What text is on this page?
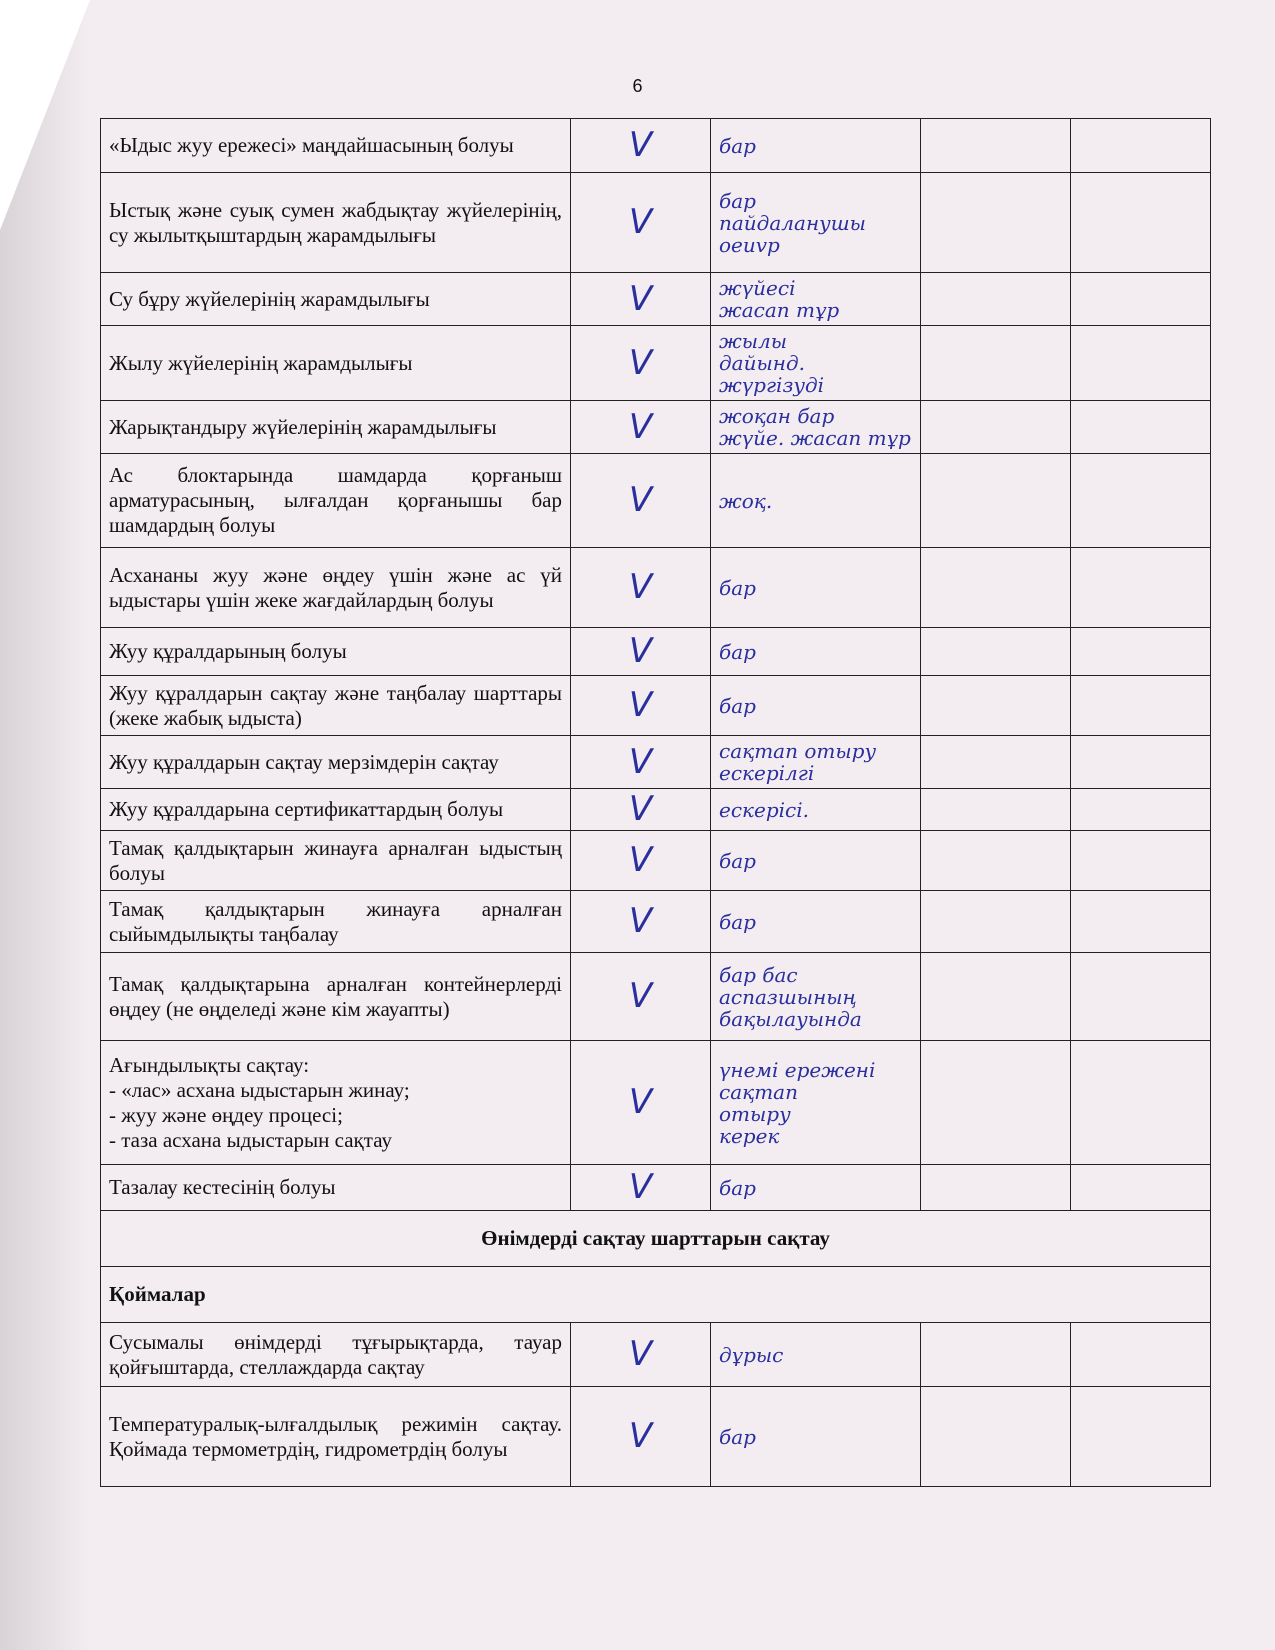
6
«Ыдыс жуу ережесі» маңдайшасының болуы	V	бар		

Ыстық және суық сумен жабдықтау жүйелерінің, су жылытқыштардың жарамдылығы	V	бар
пайдаланушы
оеиvр		

Су бұру жүйелерінің жарамдылығы	V	жүйесі
жасап тұр		

Жылу жүйелерінің жарамдылығы	V	жылы
дайынд. жүргізуді		

Жарықтандыру жүйелерінің жарамдылығы	V	жоқан бар
жүйе. жасап тұр		

Ас блоктарында шамдарда қорғаныш арматурасының, ылғалдан қорғанышы бар шамдардың болуы	V	жоқ.		

Асхананы жуу және өңдеу үшін және ас үй ыдыстары үшін жеке жағдайлардың болуы	V	бар		

Жуу құралдарының болуы	V	бар		

Жуу құралдарын сақтау және таңбалау шарттары (жеке жабық ыдыста)	V	бар		

Жуу құралдарын сақтау мерзімдерін сақтау	V	сақтап отыру
ескерілгі		

Жуу құралдарына сертификаттардың болуы	V	ескерісі.		

Тамақ қалдықтарын жинауға арналған ыдыстың болуы	V	бар		

Тамақ қалдықтарын жинауға арналған сыйымдылықты таңбалау	V	бар		

Тамақ қалдықтарына арналған контейнерлерді өңдеу (не өңделеді және кім жауапты)	V	бар бас
аспазшының
бақылауында		

Ағындылықты сақтау:
- «лас» асхана ыдыстарын жинау;
- жуу және өңдеу процесі;
- таза асхана ыдыстарын сақтау	V	үнемі ережені
сақтап
отыру
керек		

Тазалау кестесінің болуы	V	бар		

Өнімдерді сақтау шарттарын сақтау				
Қоймалар				
Сусымалы өнімдерді тұғырықтарда, тауар қойғыштарда, стеллаждарда сақтау	V	дұрыс		

Температуралық-ылғалдылық режимін сақтау. Қоймада термометрдің, гидрометрдің болуы	V	бар		
